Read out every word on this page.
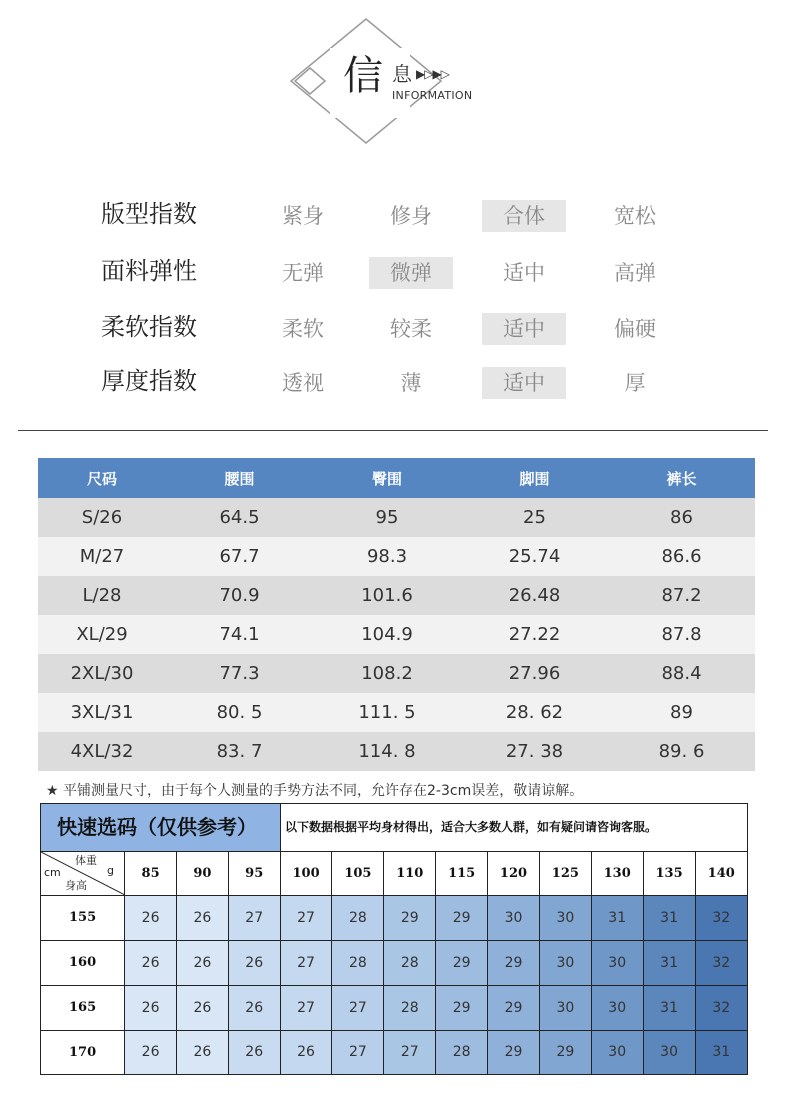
信 息 ▶▷▶▷
INFORMATION
版型指数	紧身	修身	合体	宽松
面料弹性	无弹	微弹	适中	高弹
柔软指数	柔软	较柔	适中	偏硬
厚度指数	透视	薄	适中	厚
尺码	腰围	臀围	脚围	裤长
S/26	64.5	95	25	86
M/27	67.7	98.3	25.74	86.6
L/28	70.9	101.6	26.48	87.2
XL/29	74.1	104.9	27.22	87.8
2XL/30	77.3	108.2	27.96	88.4
3XL/31	80. 5	111. 5	28. 62	89
4XL/32	83. 7	114. 8	27. 38	89. 6
★ 平铺测量尺寸，由于每个人测量的手势方法不同，允许存在2-3cm误差，敬请谅解。
快速选码（仅供参考）	以下数据根据平均身材得出，适合大多数人群，如有疑问请咨询客服。
体重
cm g
身高	85	90	95	100	105	110	115	120	125	130	135	140
155	26	26	27	27	28	29	29	30	30	31	31	32
160	26	26	26	27	28	28	29	29	30	30	31	32
165	26	26	26	27	27	28	29	29	30	30	31	32
170	26	26	26	26	27	27	28	29	29	30	30	31
